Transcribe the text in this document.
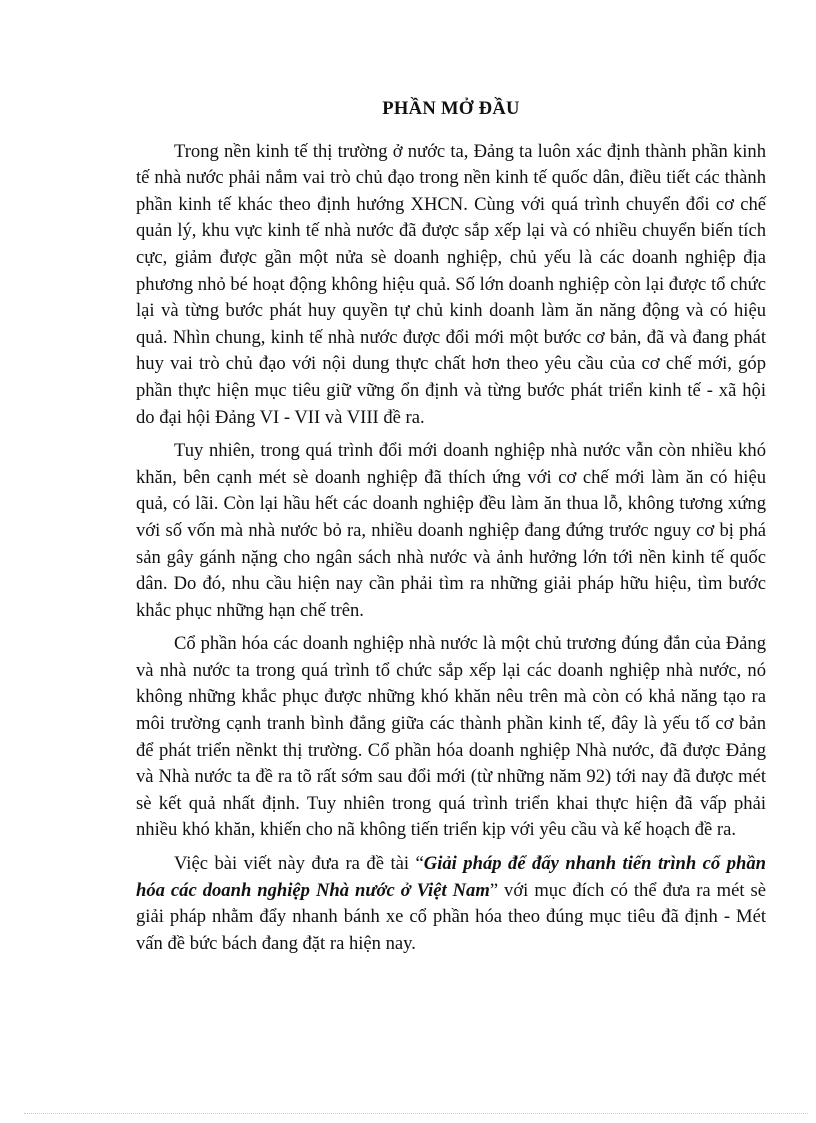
PHẦN MỞ ĐẦU

Trong nền kinh tế thị trường ở nước ta, Đảng ta luôn xác định thành phần kinh tế nhà nước phải nắm vai trò chủ đạo trong nền kinh tế quốc dân, điều tiết các thành phần kinh tế khác theo định hướng XHCN. Cùng với quá trình chuyển đổi cơ chế quản lý, khu vực kinh tế nhà nước đã được sắp xếp lại và có nhiều chuyển biến tích cực, giảm được gần một nửa sè doanh nghiệp, chủ yếu là các doanh nghiệp địa phương nhỏ bé hoạt động không hiệu quả. Số lớn doanh nghiệp còn lại được tổ chức lại và từng bước phát huy quyền tự chủ kinh doanh làm ăn năng động và có hiệu quả. Nhìn chung, kinh tế nhà nước được đổi mới một bước cơ bản, đã và đang phát huy vai trò chủ đạo với nội dung thực chất hơn theo yêu cầu của cơ chế mới, góp phần thực hiện mục tiêu giữ vững ổn định và từng bước phát triển kinh tế - xã hội do đại hội Đảng VI - VII và VIII đề ra.

Tuy nhiên, trong quá trình đổi mới doanh nghiệp nhà nước vẫn còn nhiều khó khăn, bên cạnh mét sè doanh nghiệp đã thích ứng với cơ chế mới làm ăn có hiệu quả, có lãi. Còn lại hầu hết các doanh nghiệp đều làm ăn thua lỗ, không tương xứng với số vốn mà nhà nước bỏ ra, nhiều doanh nghiệp đang đứng trước nguy cơ bị phá sản gây gánh nặng cho ngân sách nhà nước và ảnh hưởng lớn tới nền kinh tế quốc dân. Do đó, nhu cầu hiện nay cần phải tìm ra những giải pháp hữu hiệu, tìm bước khắc phục những hạn chế trên.

Cổ phần hóa các doanh nghiệp nhà nước là một chủ trương đúng đắn của Đảng và nhà nước ta trong quá trình tổ chức sắp xếp lại các doanh nghiệp nhà nước, nó không những khắc phục được những khó khăn nêu trên mà còn có khả năng tạo ra môi trường cạnh tranh bình đẳng giữa các thành phần kinh tế, đây là yếu tố cơ bản để phát triển nềnkt thị trường. Cổ phần hóa doanh nghiệp Nhà nước, đã được Đảng và Nhà nước ta đề ra tõ rất sớm sau đổi mới (từ những năm 92) tới nay đã được mét sè kết quả nhất định. Tuy nhiên trong quá trình triển khai thực hiện đã vấp phải nhiều khó khăn, khiến cho nã không tiến triển kịp với yêu cầu và kế hoạch đề ra.

Việc bài viết này đưa ra đề tài “Giải pháp để đẩy nhanh tiến trình cổ phần hóa các doanh nghiệp Nhà nước ở Việt Nam” với mục đích có thể đưa ra mét sè giải pháp nhằm đẩy nhanh bánh xe cổ phần hóa theo đúng mục tiêu đã định - Mét vấn đề bức bách đang đặt ra hiện nay.
